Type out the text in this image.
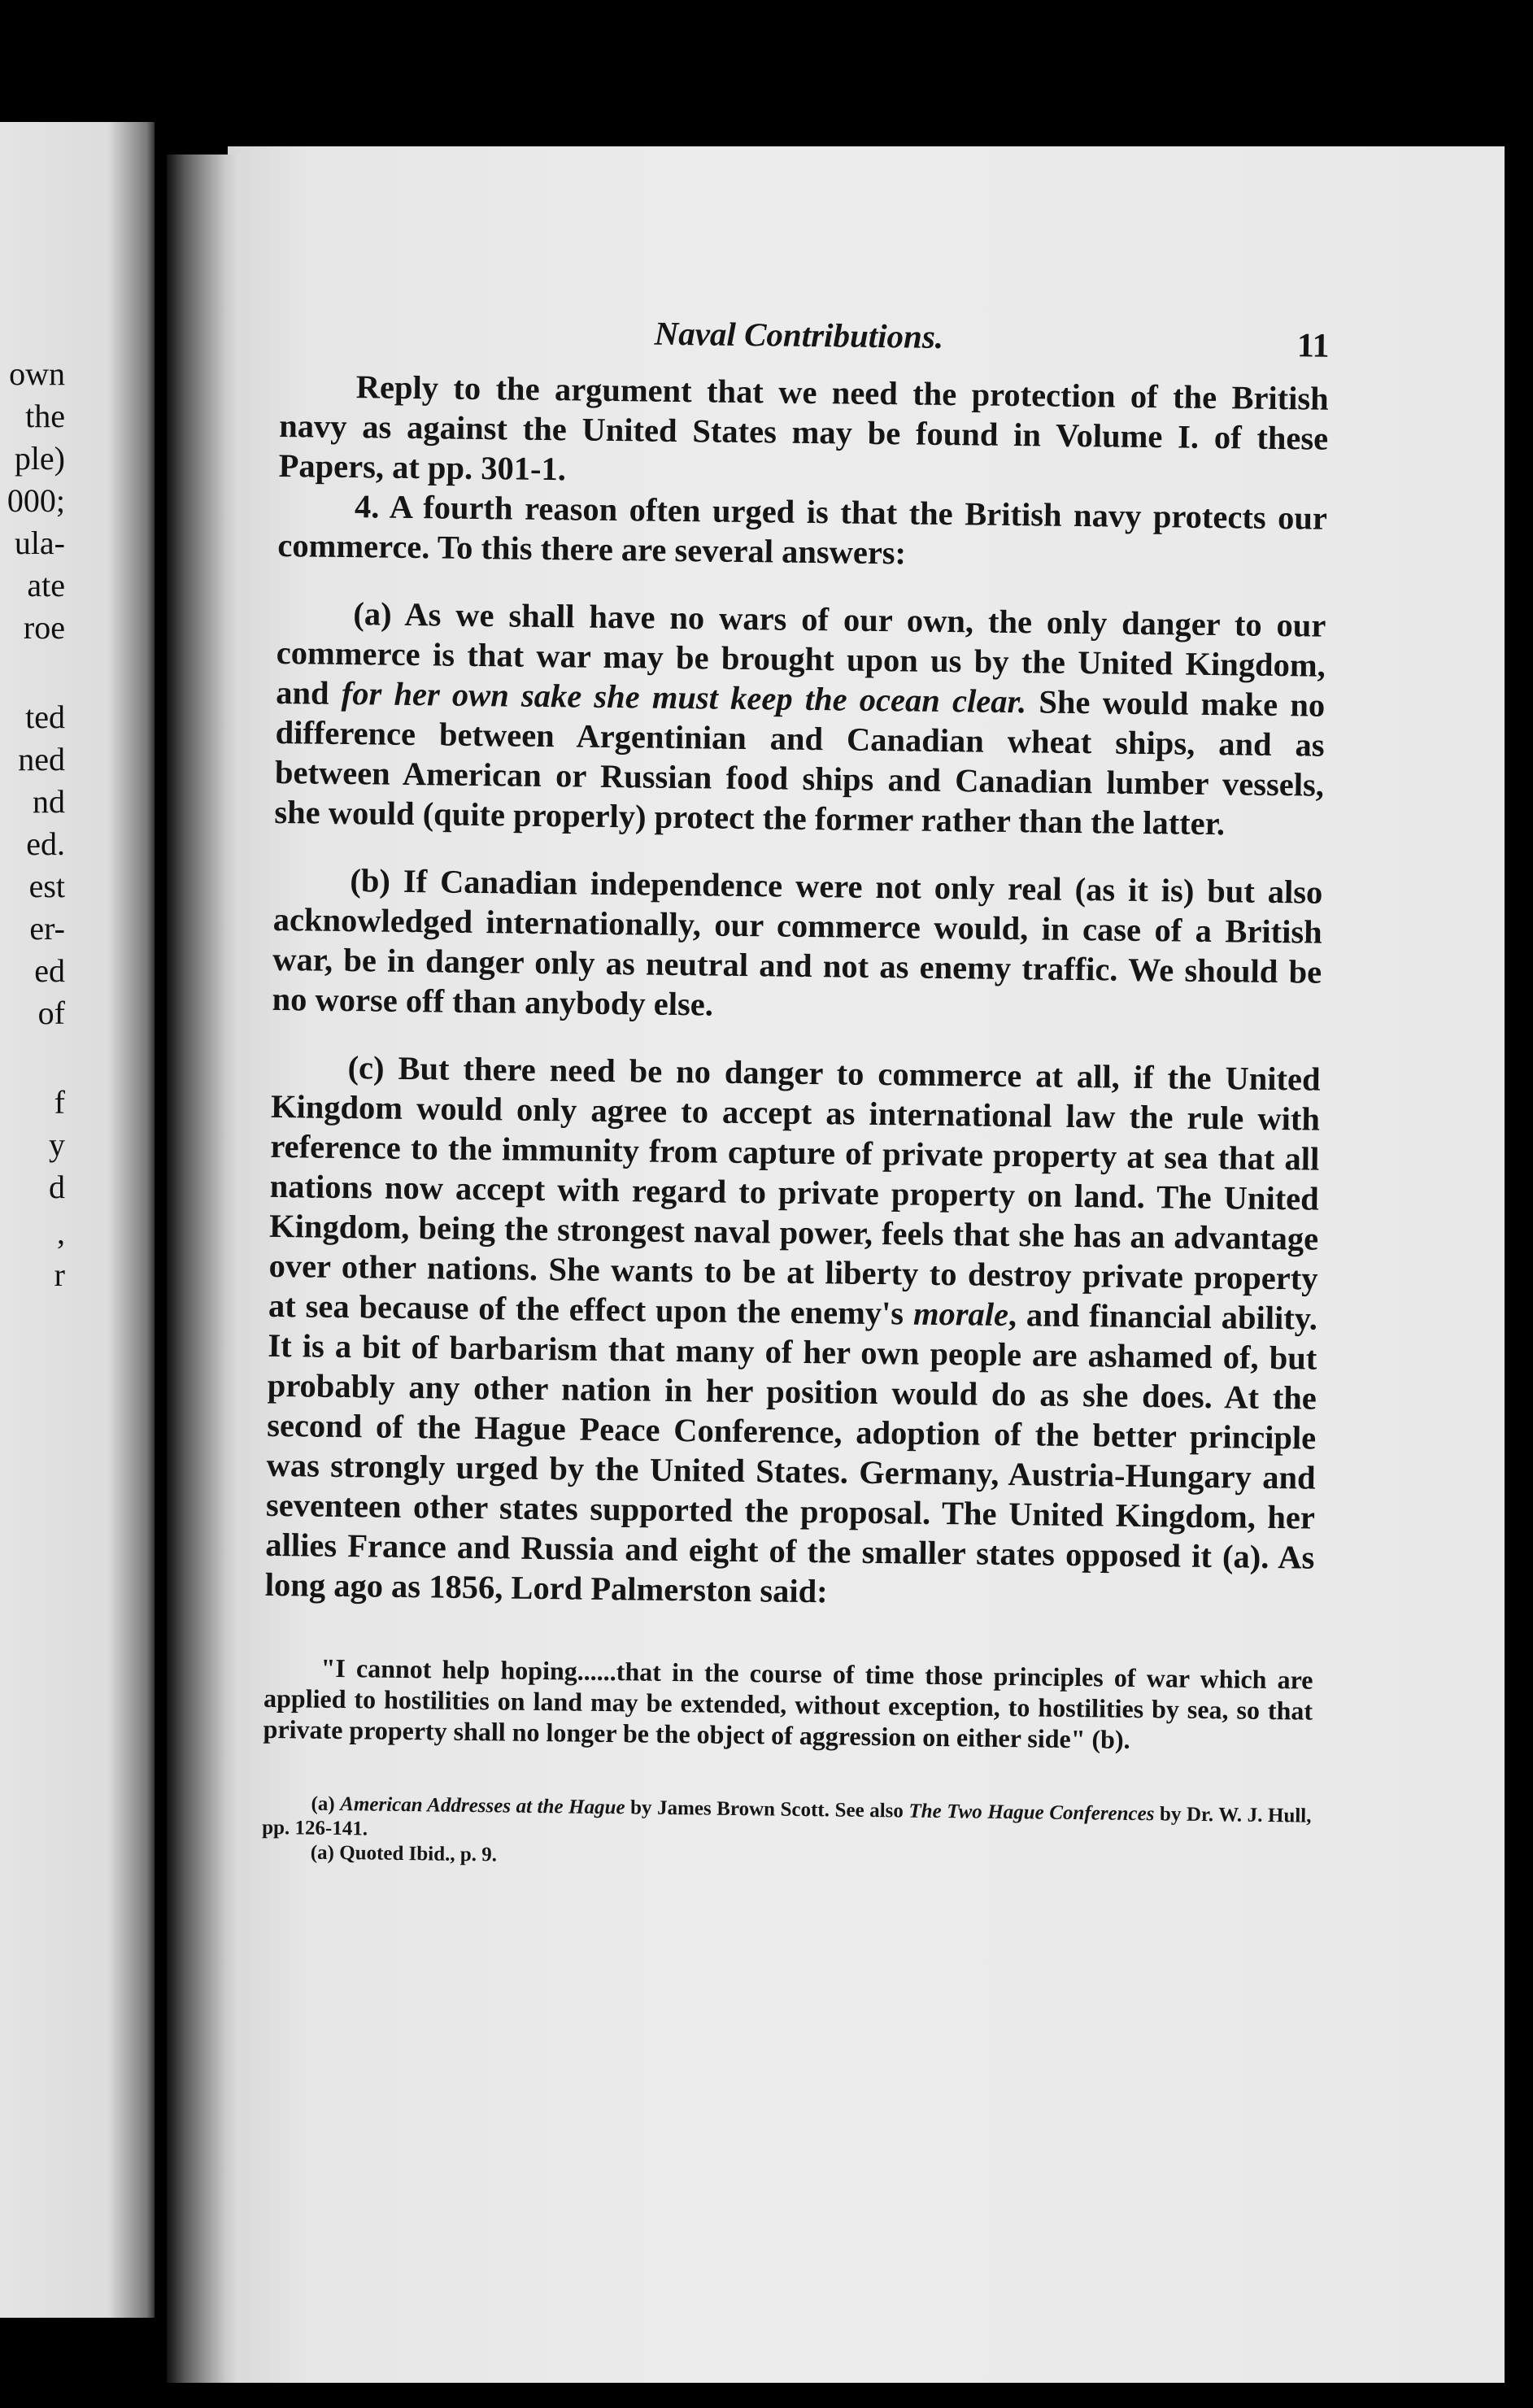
own
the
ple)
000;
ula-
ate
roe
ted
ned
nd
ed.
est
er-
ed
of
f
y
d
,
r
Naval Contributions.	11

Reply to the argument that we need the protection of the British navy as against the United States may be found in Volume I. of these Papers, at pp. 301-1.

4. A fourth reason often urged is that the British navy protects our commerce. To this there are several answers:

(a) As we shall have no wars of our own, the only danger to our commerce is that war may be brought upon us by the United Kingdom, and for her own sake she must keep the ocean clear. She would make no difference between Argentinian and Canadian wheat ships, and as between American or Russian food ships and Canadian lumber vessels, she would (quite properly) protect the former rather than the latter.

(b) If Canadian independence were not only real (as it is) but also acknowledged internationally, our commerce would, in case of a British war, be in danger only as neutral and not as enemy traffic. We should be no worse off than anybody else.

(c) But there need be no danger to commerce at all, if the United Kingdom would only agree to accept as international law the rule with reference to the immunity from capture of private property at sea that all nations now accept with regard to private property on land. The United Kingdom, being the strongest naval power, feels that she has an advantage over other nations. She wants to be at liberty to destroy private property at sea because of the effect upon the enemy's morale, and financial ability. It is a bit of barbarism that many of her own people are ashamed of, but probably any other nation in her position would do as she does. At the second of the Hague Peace Conference, adoption of the better principle was strongly urged by the United States. Germany, Austria-Hungary and seventeen other states supported the proposal. The United Kingdom, her allies France and Russia and eight of the smaller states opposed it (a). As long ago as 1856, Lord Palmerston said:

"I cannot help hoping......that in the course of time those principles of war which are applied to hostilities on land may be extended, without exception, to hostilities by sea, so that private property shall no longer be the object of aggression on either side" (b).

(a) American Addresses at the Hague by James Brown Scott. See also The Two Hague Conferences by Dr. W. J. Hull, pp. 126-141.

(a) Quoted Ibid., p. 9.
